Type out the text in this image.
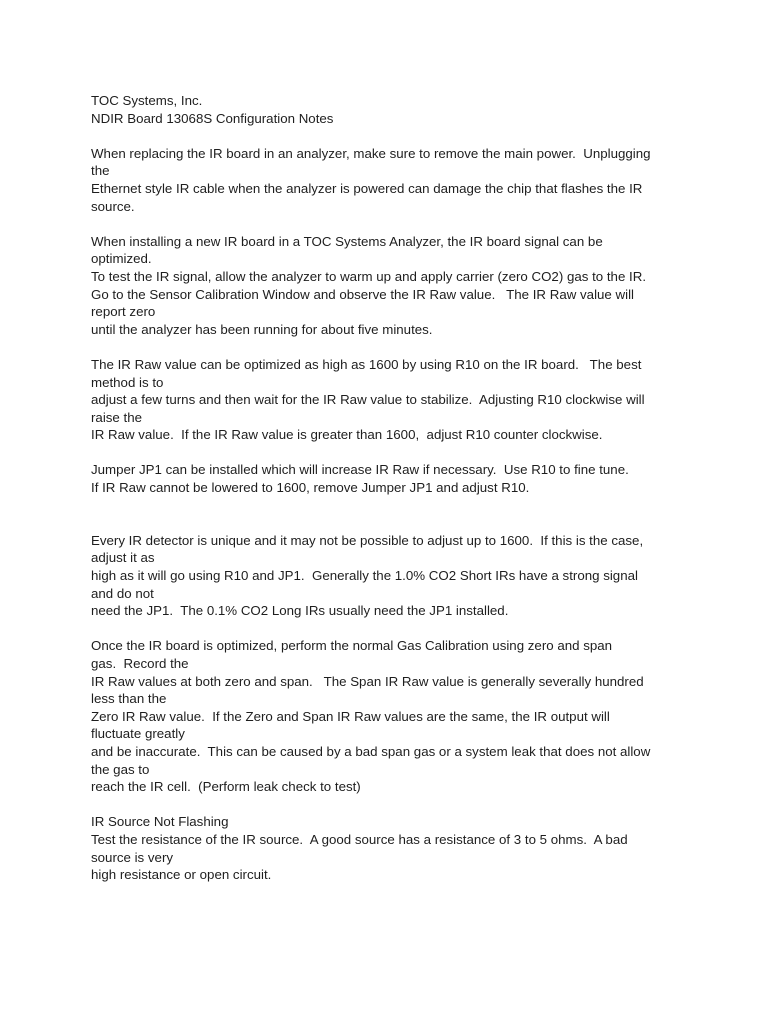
TOC Systems, Inc.
NDIR Board 13068S Configuration Notes
When replacing the IR board in an analyzer, make sure to remove the main power.  Unplugging
the
Ethernet style IR cable when the analyzer is powered can damage the chip that flashes the IR
source.
When installing a new IR board in a TOC Systems Analyzer, the IR board signal can be
optimized.
To test the IR signal, allow the analyzer to warm up and apply carrier (zero CO2) gas to the IR.
Go to the Sensor Calibration Window and observe the IR Raw value.   The IR Raw value will
report zero
until the analyzer has been running for about five minutes.
The IR Raw value can be optimized as high as 1600 by using R10 on the IR board.   The best
method is to
adjust a few turns and then wait for the IR Raw value to stabilize.  Adjusting R10 clockwise will
raise the
IR Raw value.  If the IR Raw value is greater than 1600,  adjust R10 counter clockwise.
Jumper JP1 can be installed which will increase IR Raw if necessary.  Use R10 to fine tune.
If IR Raw cannot be lowered to 1600, remove Jumper JP1 and adjust R10.
Every IR detector is unique and it may not be possible to adjust up to 1600.  If this is the case,
adjust it as
high as it will go using R10 and JP1.  Generally the 1.0% CO2 Short IRs have a strong signal
and do not
need the JP1.  The 0.1% CO2 Long IRs usually need the JP1 installed.
Once the IR board is optimized, perform the normal Gas Calibration using zero and span
gas.  Record the
IR Raw values at both zero and span.   The Span IR Raw value is generally severally hundred
less than the
Zero IR Raw value.  If the Zero and Span IR Raw values are the same, the IR output will
fluctuate greatly
and be inaccurate.  This can be caused by a bad span gas or a system leak that does not allow
the gas to
reach the IR cell.  (Perform leak check to test)
IR Source Not Flashing
Test the resistance of the IR source.  A good source has a resistance of 3 to 5 ohms.  A bad
source is very
high resistance or open circuit.
